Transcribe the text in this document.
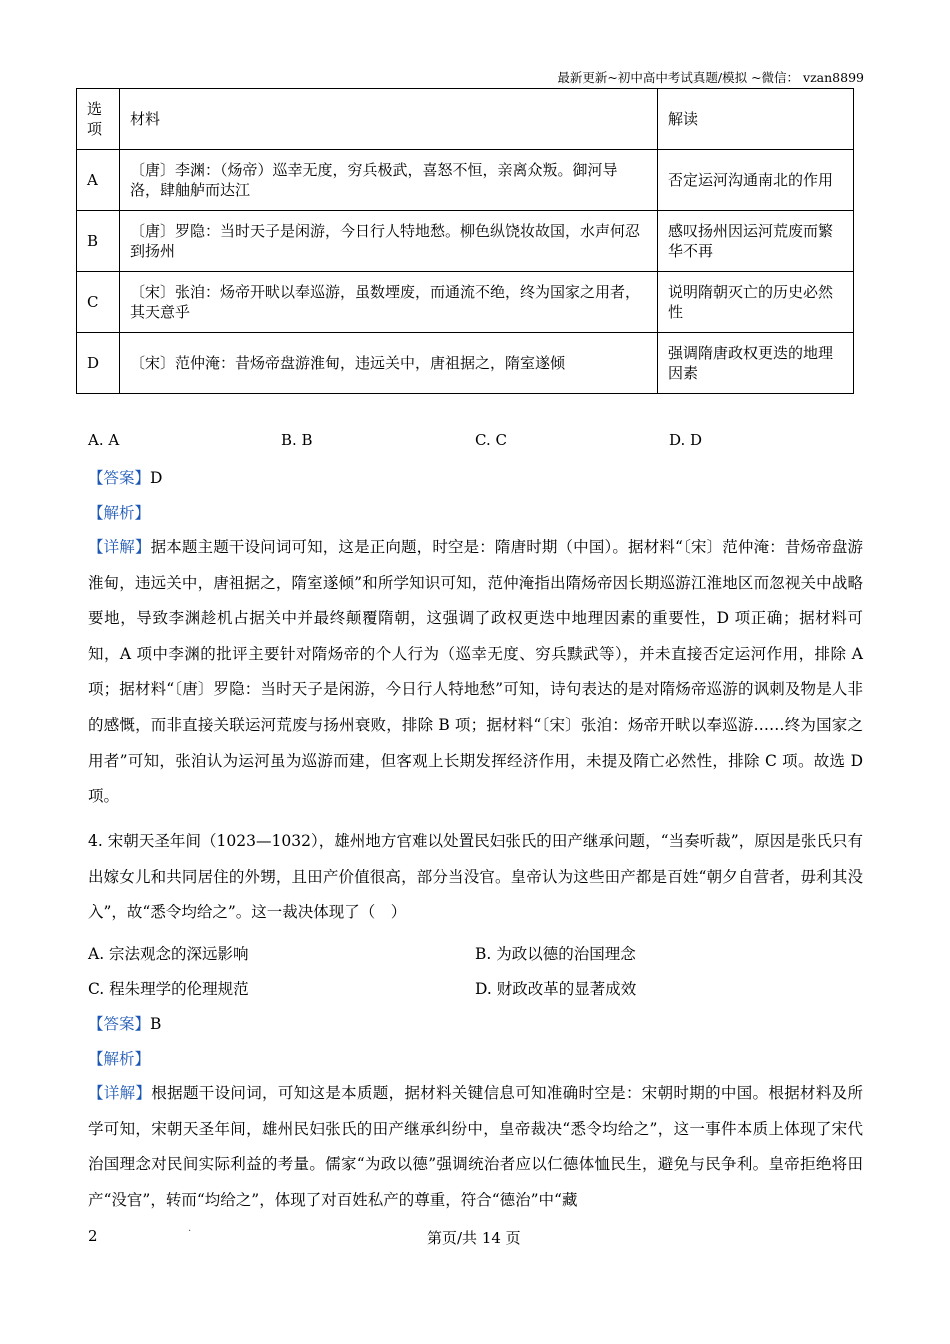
最新更新~初中高中考试真题/模拟 ~微信： vzan8899
选项	材料	解读
A	〔唐〕李渊：（炀帝）巡幸无度，穷兵极武，喜怒不恒，亲离众叛。御河导洛，肆舳舻而达江	否定运河沟通南北的作用
B	〔唐〕罗隐：当时天子是闲游，今日行人特地愁。柳色纵饶妆故国，水声何忍到扬州	感叹扬州因运河荒废而繁华不再
C	〔宋〕张洎：炀帝开畎以奉巡游，虽数堙废，而通流不绝，终为国家之用者，其天意乎	说明隋朝灭亡的历史必然性
D	〔宋〕范仲淹：昔炀帝盘游淮甸，违远关中，唐祖据之，隋室遂倾	强调隋唐政权更迭的地理因素
A. A	B. B	C. C	D. D
【答案】D
【解析】
【详解】据本题主题干设问词可知，这是正向题，时空是：隋唐时期（中国）。据材料“〔宋〕范仲淹：昔炀帝盘游淮甸，违远关中，唐祖据之，隋室遂倾”和所学知识可知，范仲淹指出隋炀帝因长期巡游江淮地区而忽视关中战略要地，导致李渊趁机占据关中并最终颠覆隋朝，这强调了政权更迭中地理因素的重要性，D 项正确；据材料可知，A 项中李渊的批评主要针对隋炀帝的个人行为（巡幸无度、穷兵黩武等），并未直接否定运河作用，排除 A 项；据材料“〔唐〕罗隐：当时天子是闲游，今日行人特地愁”可知，诗句表达的是对隋炀帝巡游的讽刺及物是人非的感慨，而非直接关联运河荒废与扬州衰败，排除 B 项；据材料“〔宋〕张洎：炀帝开畎以奉巡游……终为国家之用者”可知，张洎认为运河虽为巡游而建，但客观上长期发挥经济作用，未提及隋亡必然性，排除 C 项。故选 D 项。
4. 宋朝天圣年间（1023—1032），雄州地方官难以处置民妇张氏的田产继承问题，“当奏听裁”，原因是张氏只有出嫁女儿和共同居住的外甥，且田产价值很高，部分当没官。皇帝认为这些田产都是百姓“朝夕自营者，毋利其没入”，故“悉令均给之”。这一裁决体现了（　）
A. 宗法观念的深远影响	B. 为政以德的治国理念
C. 程朱理学的伦理规范	D. 财政改革的显著成效
【答案】B
【解析】
【详解】根据题干设问词，可知这是本质题，据材料关键信息可知准确时空是：宋朝时期的中国。根据材料及所学可知，宋朝天圣年间，雄州民妇张氏的田产继承纠纷中，皇帝裁决“悉令均给之”，这一事件本质上体现了宋代治国理念对民间实际利益的考量。儒家“为政以德”强调统治者应以仁德体恤民生，避免与民争利。皇帝拒绝将田产“没官”，转而“均给之”，体现了对百姓私产的尊重，符合“德治”中“藏
2	·	第页/共 14 页
